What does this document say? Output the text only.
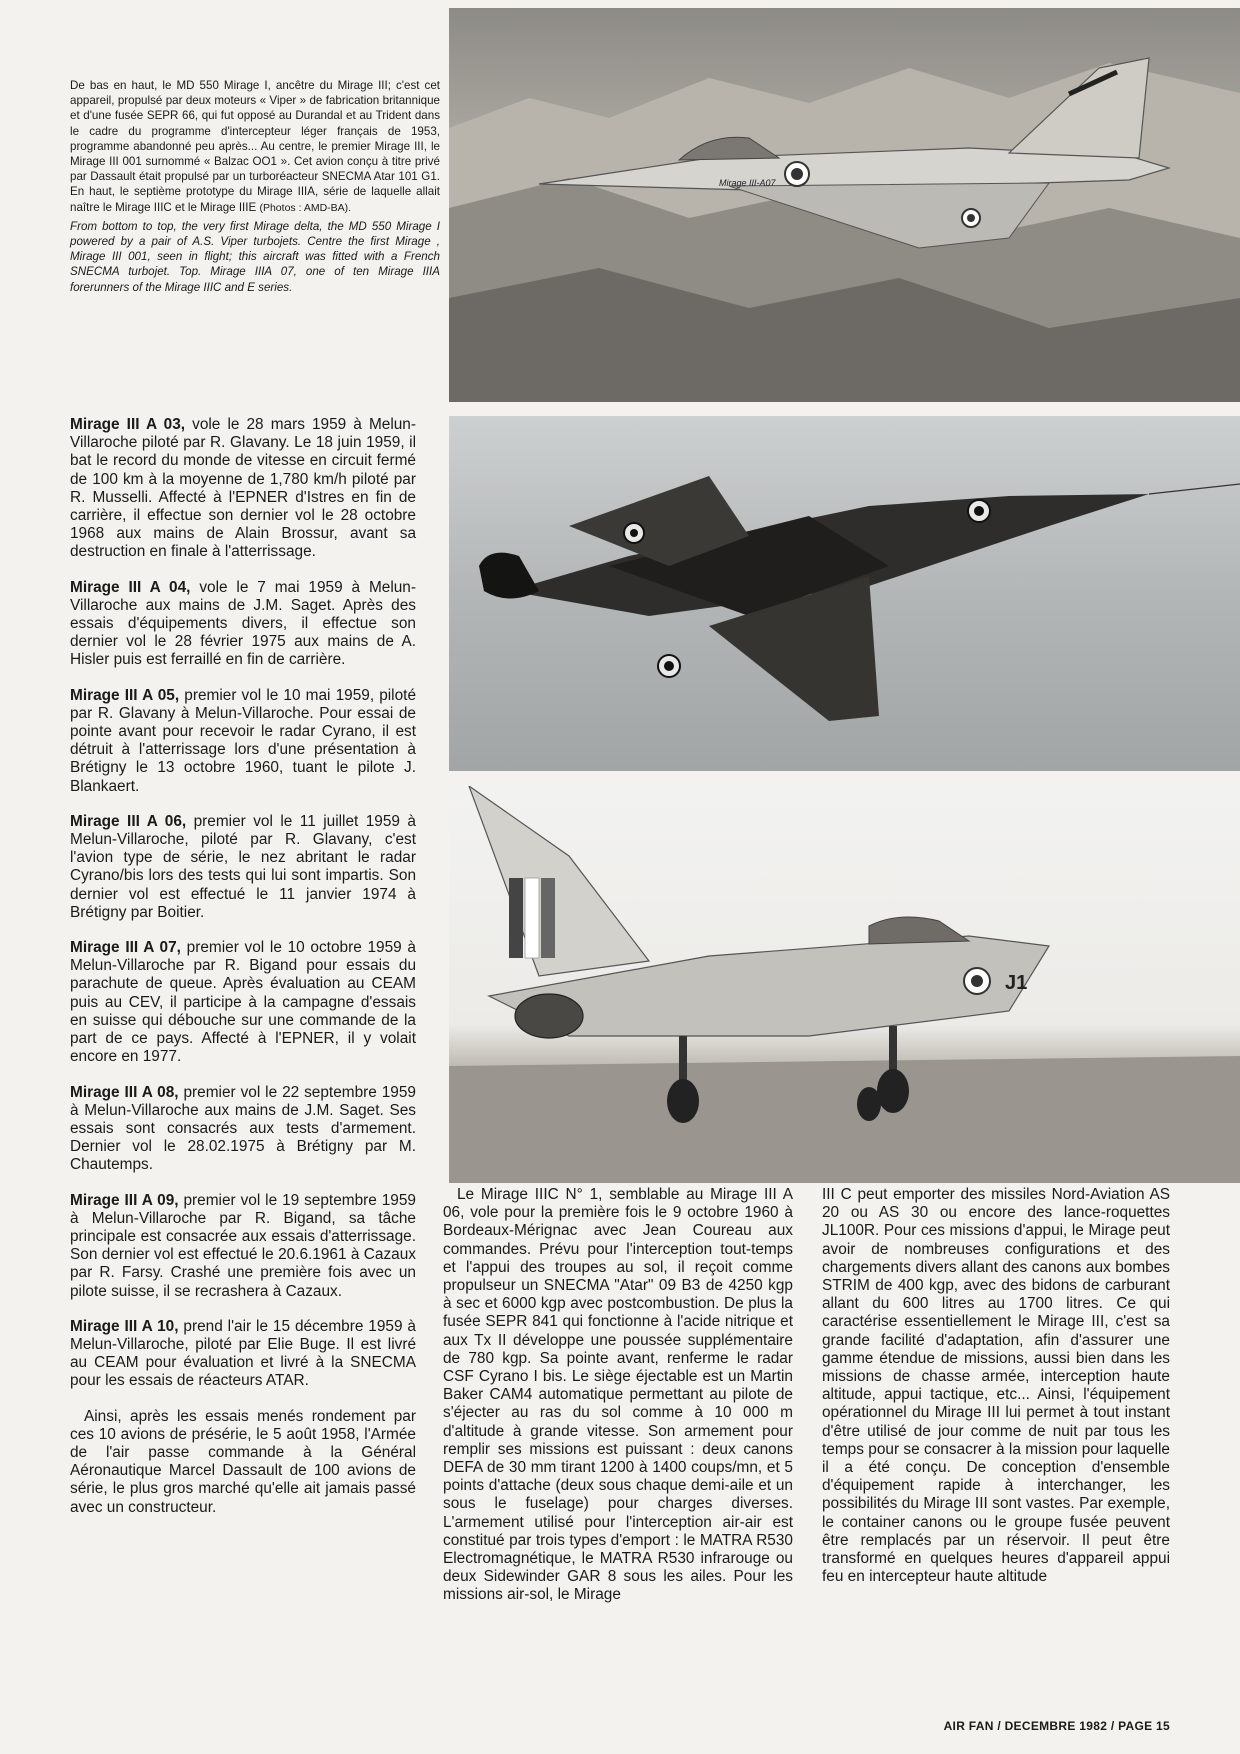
De bas en haut, le MD 550 Mirage I, ancêtre du Mirage III; c'est cet appareil, propulsé par deux moteurs « Viper » de fabrication britannique et d'une fusée SEPR 66, qui fut opposé au Durandal et au Trident dans le cadre du programme d'intercepteur léger français de 1953, programme abandonné peu après... Au centre, le premier Mirage III, le Mirage III 001 surnommé « Balzac OO1 ». Cet avion conçu à titre privé par Dassault était propulsé par un turboréacteur SNECMA Atar 101 G1. En haut, le septième prototype du Mirage IIIA, série de laquelle allait naître le Mirage IIIC et le Mirage IIIE (Photos : AMD-BA).

From bottom to top, the very first Mirage delta, the MD 550 Mirage I powered by a pair of A.S. Viper turbojets. Centre the first Mirage , Mirage III 001, seen in flight; this aircraft was fitted with a French SNECMA turbojet. Top. Mirage IIIA 07, one of ten Mirage IIIA forerunners of the Mirage IIIC and E series.

Mirage III-A07
J1

Mirage III A 03, vole le 28 mars 1959 à Melun-Villaroche piloté par R. Glavany. Le 18 juin 1959, il bat le record du monde de vitesse en circuit fermé de 100 km à la moyenne de 1,780 km/h piloté par R. Musselli. Affecté à l'EPNER d'Istres en fin de carrière, il effectue son dernier vol le 28 octobre 1968 aux mains de Alain Brossur, avant sa destruction en finale à l'atterrissage.

Mirage III A 04, vole le 7 mai 1959 à Melun-Villaroche aux mains de J.M. Saget. Après des essais d'équipements divers, il effectue son dernier vol le 28 février 1975 aux mains de A. Hisler puis est ferraillé en fin de carrière.

Mirage III A 05, premier vol le 10 mai 1959, piloté par R. Glavany à Melun-Villaroche. Pour essai de pointe avant pour recevoir le radar Cyrano, il est détruit à l'atterrissage lors d'une présentation à Brétigny le 13 octobre 1960, tuant le pilote J. Blankaert.

Mirage III A 06, premier vol le 11 juillet 1959 à Melun-Villaroche, piloté par R. Glavany, c'est l'avion type de série, le nez abritant le radar Cyrano/bis lors des tests qui lui sont impartis. Son dernier vol est effectué le 11 janvier 1974 à Brétigny par Boitier.

Mirage III A 07, premier vol le 10 octobre 1959 à Melun-Villaroche par R. Bigand pour essais du parachute de queue. Après évaluation au CEAM puis au CEV, il participe à la campagne d'essais en suisse qui débouche sur une commande de la part de ce pays. Affecté à l'EPNER, il y volait encore en 1977.

Mirage III A 08, premier vol le 22 septembre 1959 à Melun-Villaroche aux mains de J.M. Saget. Ses essais sont consacrés aux tests d'armement. Dernier vol le 28.02.1975 à Brétigny par M. Chautemps.

Mirage III A 09, premier vol le 19 septembre 1959 à Melun-Villaroche par R. Bigand, sa tâche principale est consacrée aux essais d'atterrissage. Son dernier vol est effectué le 20.6.1961 à Cazaux par R. Farsy. Crashé une première fois avec un pilote suisse, il se recrashera à Cazaux.

Mirage III A 10, prend l'air le 15 décembre 1959 à Melun-Villaroche, piloté par Elie Buge. Il est livré au CEAM pour évaluation et livré à la SNECMA pour les essais de réacteurs ATAR.

Ainsi, après les essais menés rondement par ces 10 avions de présérie, le 5 août 1958, l'Armée de l'air passe commande à la Général Aéronautique Marcel Dassault de 100 avions de série, le plus gros marché qu'elle ait jamais passé avec un constructeur.

Le Mirage IIIC N° 1, semblable au Mirage III A 06, vole pour la première fois le 9 octobre 1960 à Bordeaux-Mérignac avec Jean Coureau aux commandes. Prévu pour l'interception tout-temps et l'appui des troupes au sol, il reçoit comme propulseur un SNECMA "Atar" 09 B3 de 4250 kgp à sec et 6000 kgp avec postcombustion. De plus la fusée SEPR 841 qui fonctionne à l'acide nitrique et aux Tx II développe une poussée supplémentaire de 780 kgp. Sa pointe avant, renferme le radar CSF Cyrano I bis. Le siège éjectable est un Martin Baker CAM4 automatique permettant au pilote de s'éjecter au ras du sol comme à 10 000 m d'altitude à grande vitesse. Son armement pour remplir ses missions est puissant : deux canons DEFA de 30 mm tirant 1200 à 1400 coups/mn, et 5 points d'attache (deux sous chaque demi-aile et un sous le fuselage) pour charges diverses. L'armement utilisé pour l'interception air-air est constitué par trois types d'emport : le MATRA R530 Electromagnétique, le MATRA R530 infrarouge ou deux Sidewinder GAR 8 sous les ailes. Pour les missions air-sol, le Mirage

III C peut emporter des missiles Nord-Aviation AS 20 ou AS 30 ou encore des lance-roquettes JL100R. Pour ces missions d'appui, le Mirage peut avoir de nombreuses configurations et des chargements divers allant des canons aux bombes STRIM de 400 kgp, avec des bidons de carburant allant du 600 litres au 1700 litres. Ce qui caractérise essentiellement le Mirage III, c'est sa grande facilité d'adaptation, afin d'assurer une gamme étendue de missions, aussi bien dans les missions de chasse armée, interception haute altitude, appui tactique, etc... Ainsi, l'équipement opérationnel du Mirage III lui permet à tout instant d'être utilisé de jour comme de nuit par tous les temps pour se consacrer à la mission pour laquelle il a été conçu. De conception d'ensemble d'équipement rapide à interchanger, les possibilités du Mirage III sont vastes. Par exemple, le container canons ou le groupe fusée peuvent être remplacés par un réservoir. Il peut être transformé en quelques heures d'appareil appui feu en intercepteur haute altitude

AIR FAN / DECEMBRE 1982 / PAGE 15
